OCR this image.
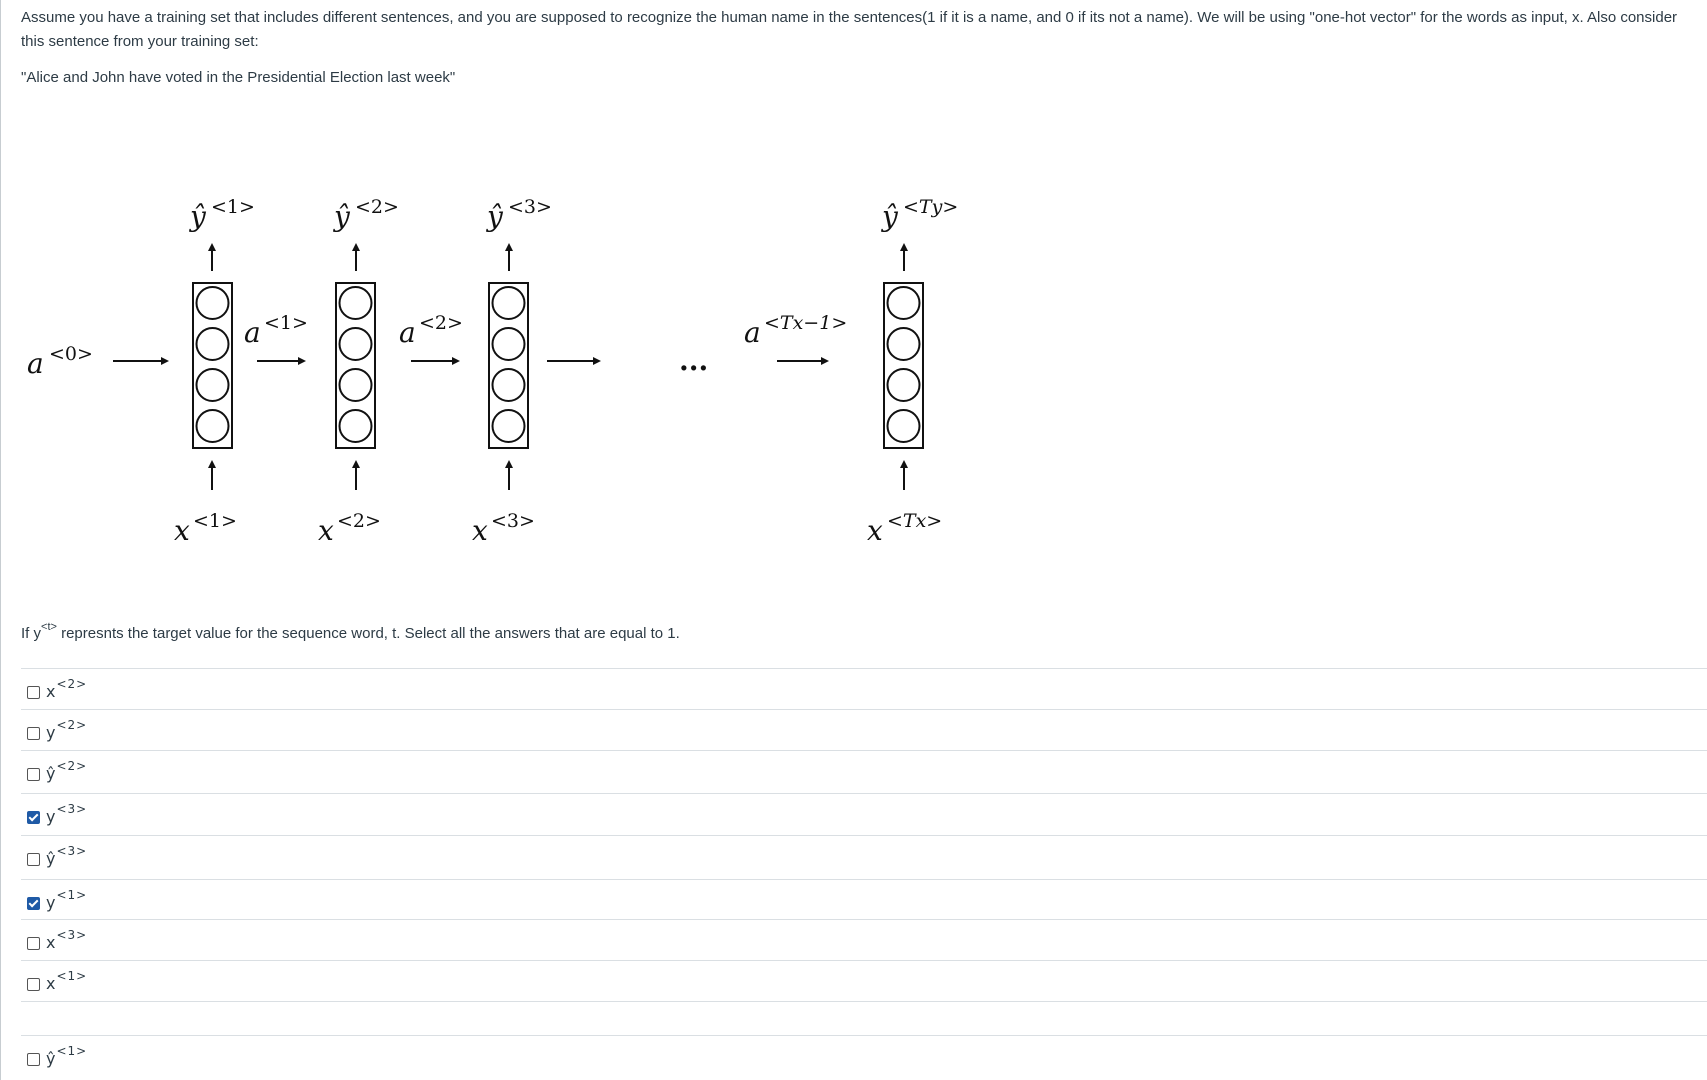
Assume you have a training set that includes different sentences, and you are supposed to recognize the human name in the sentences(1 if it is a name, and 0 if its not a name). We will be using "one-hot vector" for the words as input, x. Also consider this sentence from your training set:
"Alice and John have voted in the Presidential Election last week"
a <0>
ŷ <1>
x <1>
a <1>
ŷ <2>
x <2>
a <2>
ŷ <3>
x <3>
...
a <Tx−1>
ŷ <Ty>
x <Tx>
If $y^{<t>}$ represnts the target value for the sequence word, t. Select all the answers that are equal to 1.
$x^{<2>}$
$y^{<2>}$
$ŷ^{<2>}$
$y^{<3>}$
$ŷ^{<3>}$
$y^{<1>}$
$x^{<3>}$
$x^{<1>}$
$ŷ^{<1>}$
